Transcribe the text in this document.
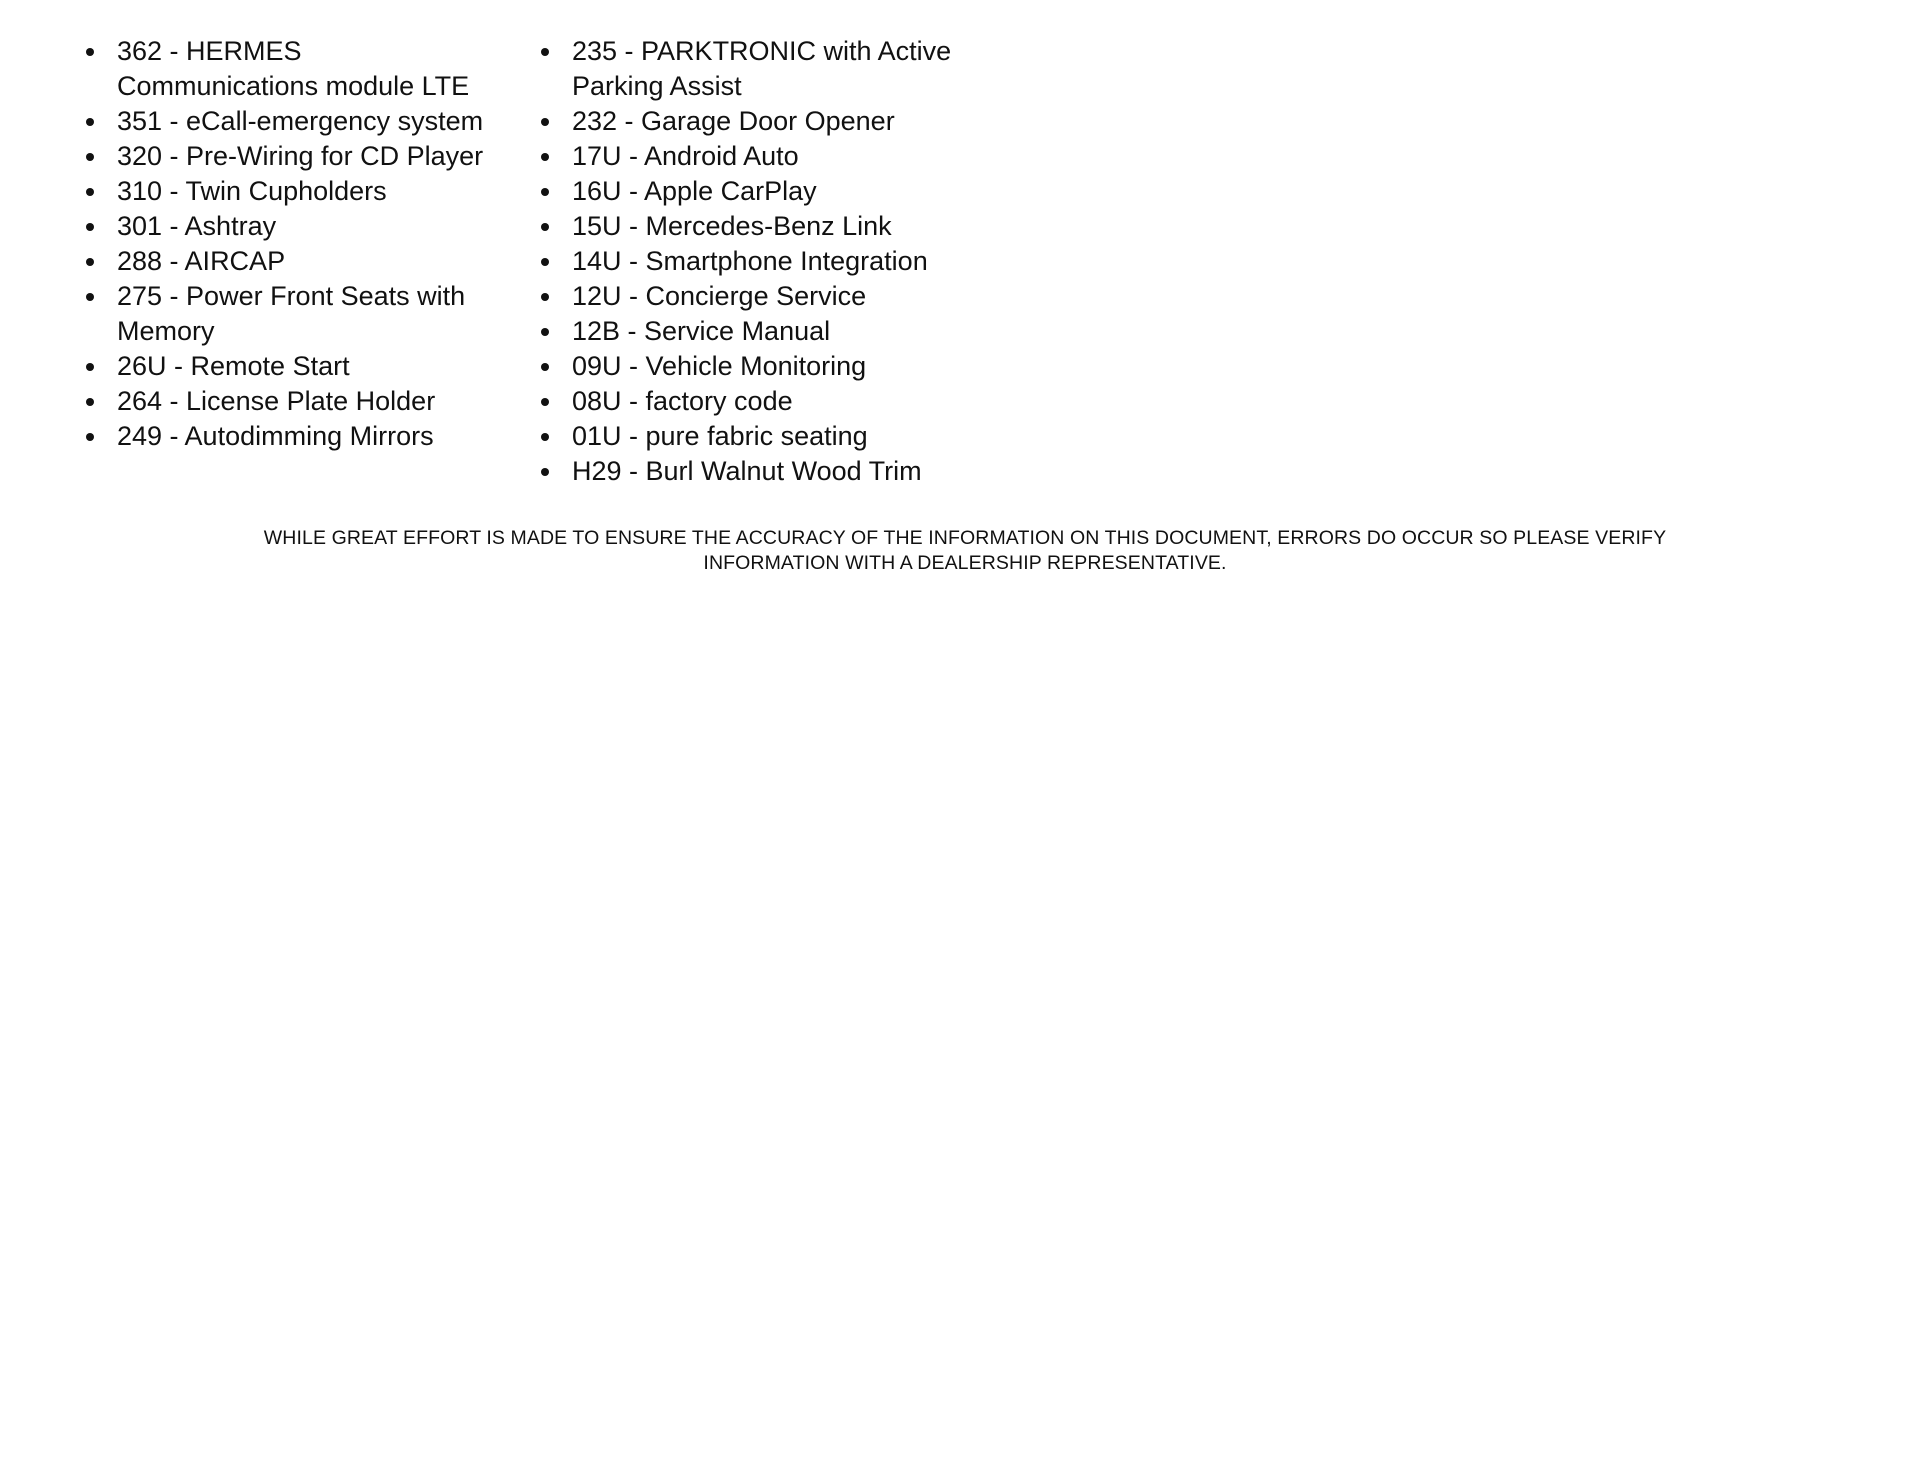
362 - HERMES Communications module LTE
351 - eCall-emergency system
320 - Pre-Wiring for CD Player
310 - Twin Cupholders
301 - Ashtray
288 - AIRCAP
275 - Power Front Seats with Memory
26U - Remote Start
264 - License Plate Holder
249 - Autodimming Mirrors
235 - PARKTRONIC with Active Parking Assist
232 - Garage Door Opener
17U - Android Auto
16U - Apple CarPlay
15U - Mercedes-Benz Link
14U - Smartphone Integration
12U - Concierge Service
12B - Service Manual
09U - Vehicle Monitoring
08U - factory code
01U - pure fabric seating
H29 - Burl Walnut Wood Trim
WHILE GREAT EFFORT IS MADE TO ENSURE THE ACCURACY OF THE INFORMATION ON THIS DOCUMENT, ERRORS DO OCCUR SO PLEASE VERIFY
INFORMATION WITH A DEALERSHIP REPRESENTATIVE.
